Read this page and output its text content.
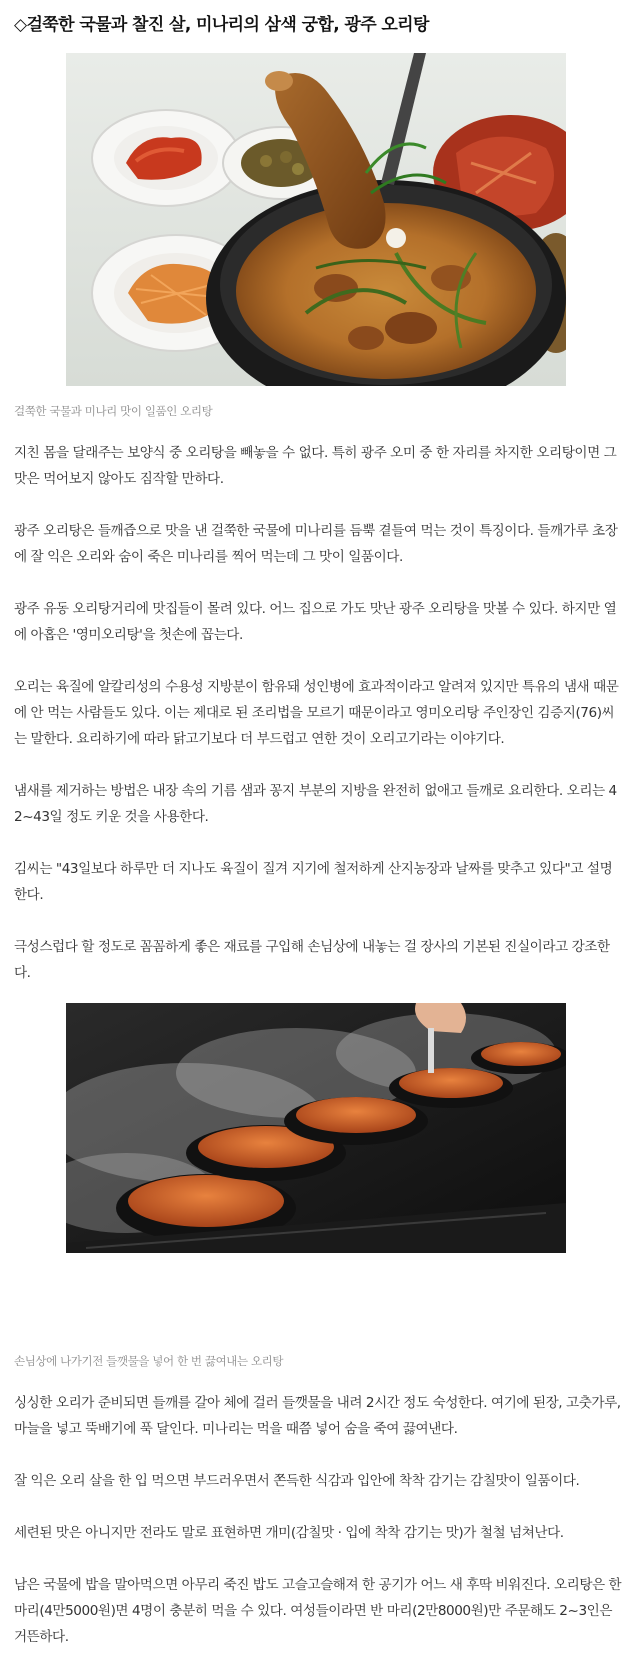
◇걸쭉한 국물과 찰진 살, 미나리의 삼색 궁합, 광주 오리탕
걸쭉한 국물과 미나리 맛이 일품인 오리탕

지친 몸을 달래주는 보양식 중 오리탕을 빼놓을 수 없다. 특히 광주 오미 중 한 자리를 차지한 오리탕이면 그 맛은 먹어보지 않아도 짐작할 만하다.

광주 오리탕은 들깨즙으로 맛을 낸 걸쭉한 국물에 미나리를 듬뿍 곁들여 먹는 것이 특징이다. 들깨가루 초장에 잘 익은 오리와 숨이 죽은 미나리를 찍어 먹는데 그 맛이 일품이다.

광주 유동 오리탕거리에 맛집들이 몰려 있다. 어느 집으로 가도 맛난 광주 오리탕을 맛볼 수 있다. 하지만 열에 아홉은 '영미오리탕'을 첫손에 꼽는다.

오리는 육질에 알칼리성의 수용성 지방분이 함유돼 성인병에 효과적이라고 알려져 있지만 특유의 냄새 때문에 안 먹는 사람들도 있다. 이는 제대로 된 조리법을 모르기 때문이라고 영미오리탕 주인장인 김증지(76)씨는 말한다. 요리하기에 따라 닭고기보다 더 부드럽고 연한 것이 오리고기라는 이야기다.

냄새를 제거하는 방법은 내장 속의 기름 샘과 꽁지 부분의 지방을 완전히 없애고 들깨로 요리한다. 오리는 42~43일 정도 키운 것을 사용한다.

김씨는 "43일보다 하루만 더 지나도 육질이 질겨 지기에 철저하게 산지농장과 날짜를 맞추고 있다"고 설명한다.

극성스럽다 할 정도로 꼼꼼하게 좋은 재료를 구입해 손님상에 내놓는 걸 장사의 기본된 진실이라고 강조한다.

손님상에 나가기전 들깻물을 넣어 한 번 끓여내는 오리탕

싱싱한 오리가 준비되면 들깨를 갈아 체에 걸러 들깻물을 내려 2시간 정도 숙성한다. 여기에 된장, 고춧가루, 마늘을 넣고 뚝배기에 푹 달인다. 미나리는 먹을 때쯤 넣어 숨을 죽여 끓여낸다.

잘 익은 오리 살을 한 입 먹으면 부드러우면서 쫀득한 식감과 입안에 착착 감기는 감칠맛이 일품이다.

세련된 맛은 아니지만 전라도 말로 표현하면 개미(감칠맛 · 입에 착착 감기는 맛)가 철철 넘쳐난다.

남은 국물에 밥을 말아먹으면 아무리 죽진 밥도 고슬고슬해져 한 공기가 어느 새 후딱 비워진다. 오리탕은 한 마리(4만5000원)면 4명이 충분히 먹을 수 있다. 여성들이라면 반 마리(2만8000원)만 주문해도 2~3인은 거뜬하다.
